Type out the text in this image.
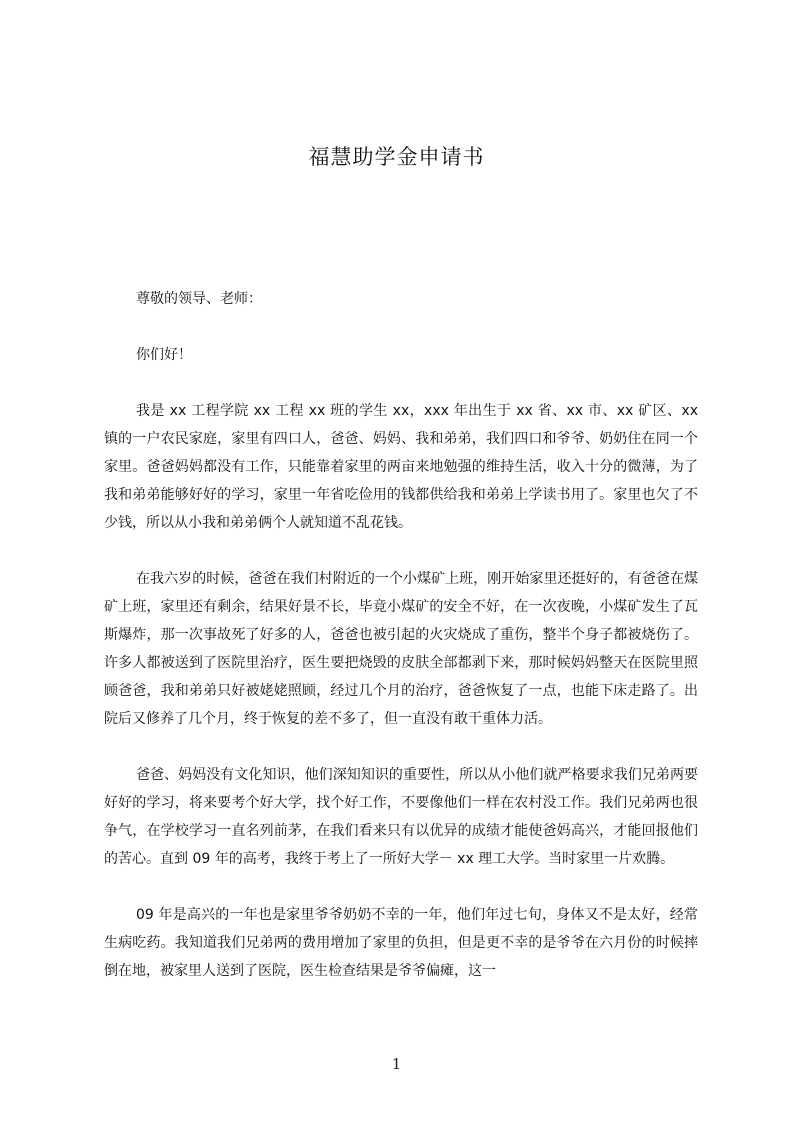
福慧助学金申请书

尊敬的领导、老师：

你们好！

我是 xx 工程学院 xx 工程 xx 班的学生 xx，xxx 年出生于 xx 省、xx 市、xx 矿区、xx 镇的一户农民家庭，家里有四口人，爸爸、妈妈、我和弟弟，我们四口和爷爷、奶奶住在同一个家里。爸爸妈妈都没有工作，只能靠着家里的两亩来地勉强的维持生活，收入十分的微薄，为了我和弟弟能够好好的学习，家里一年省吃俭用的钱都供给我和弟弟上学读书用了。家里也欠了不少钱，所以从小我和弟弟俩个人就知道不乱花钱。

在我六岁的时候，爸爸在我们村附近的一个小煤矿上班，刚开始家里还挺好的，有爸爸在煤矿上班，家里还有剩余，结果好景不长，毕竟小煤矿的安全不好，在一次夜晚，小煤矿发生了瓦斯爆炸，那一次事故死了好多的人，爸爸也被引起的火灾烧成了重伤，整半个身子都被烧伤了。许多人都被送到了医院里治疗，医生要把烧毁的皮肤全部都剥下来，那时候妈妈整天在医院里照顾爸爸，我和弟弟只好被姥姥照顾，经过几个月的治疗，爸爸恢复了一点，也能下床走路了。出院后又修养了几个月，终于恢复的差不多了，但一直没有敢干重体力活。

爸爸、妈妈没有文化知识，他们深知知识的重要性，所以从小他们就严格要求我们兄弟两要好好的学习，将来要考个好大学，找个好工作，不要像他们一样在农村没工作。我们兄弟两也很争气，在学校学习一直名列前茅，在我们看来只有以优异的成绩才能使爸妈高兴，才能回报他们的苦心。直到 09 年的高考，我终于考上了一所好大学－ xx 理工大学。当时家里一片欢腾。

09 年是高兴的一年也是家里爷爷奶奶不幸的一年，他们年过七旬，身体又不是太好，经常生病吃药。我知道我们兄弟两的费用增加了家里的负担，但是更不幸的是爷爷在六月份的时候摔倒在地，被家里人送到了医院，医生检查结果是爷爷偏瘫，这一

1
